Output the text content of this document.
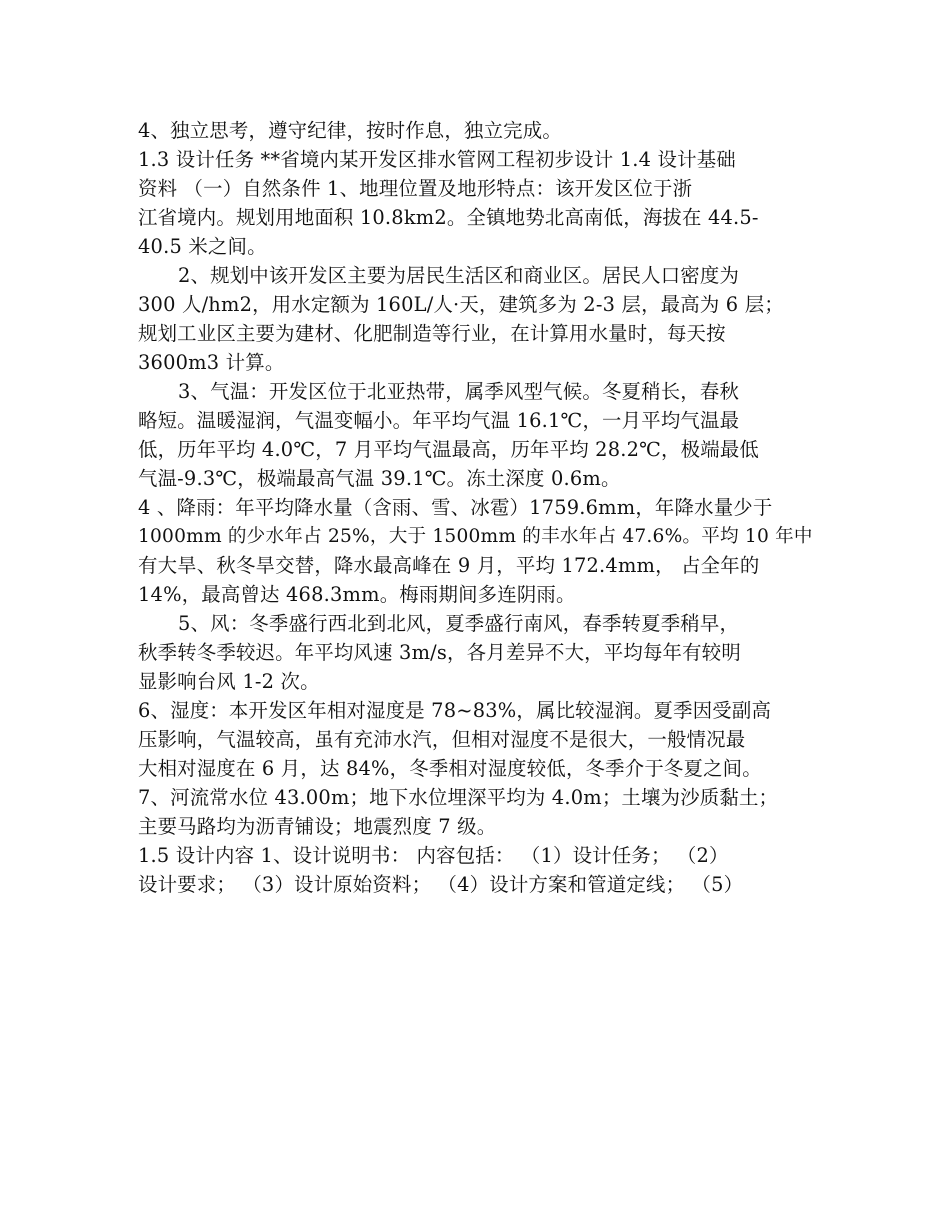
4、独立思考，遵守纪律，按时作息，独立完成。
1.3 设计任务 **省境内某开发区排水管网工程初步设计 1.4 设计基础
资料 （一）自然条件 1、地理位置及地形特点：该开发区位于浙
江省境内。规划用地面积 10.8km2。全镇地势北高南低，海拔在 44.5-
40.5 米之间。
2、规划中该开发区主要为居民生活区和商业区。居民人口密度为
300 人/hm2，用水定额为 160L/人·天，建筑多为 2-3 层，最高为 6 层；
规划工业区主要为建材、化肥制造等行业，在计算用水量时，每天按
3600m3 计算。
3、气温：开发区位于北亚热带，属季风型气候。冬夏稍长，春秋
略短。温暖湿润，气温变幅小。年平均气温 16.1℃，一月平均气温最
低，历年平均 4.0℃，7 月平均气温最高，历年平均 28.2℃，极端最低
气温-9.3℃，极端最高气温 39.1℃。冻土深度 0.6m。
4 、降雨：年平均降水量（含雨、雪、冰雹）1759.6mm，年降水量少于
1000mm 的少水年占 25%，大于 1500mm 的丰水年占 47.6%。平均 10 年中
有大旱、秋冬旱交替，降水最高峰在 9 月，平均 172.4mm， 占全年的
14%，最高曾达 468.3mm。梅雨期间多连阴雨。
5、风：冬季盛行西北到北风，夏季盛行南风，春季转夏季稍早，
秋季转冬季较迟。年平均风速 3m/s，各月差异不大，平均每年有较明
显影响台风 1-2 次。
6、湿度：本开发区年相对湿度是 78~83%，属比较湿润。夏季因受副高
压影响，气温较高，虽有充沛水汽，但相对湿度不是很大，一般情况最
大相对湿度在 6 月，达 84%，冬季相对湿度较低，冬季介于冬夏之间。
7、河流常水位 43.00m；地下水位埋深平均为 4.0m；土壤为沙质黏土；
主要马路均为沥青铺设；地震烈度 7 级。
1.5 设计内容 1、设计说明书： 内容包括： （1）设计任务； （2）
设计要求； （3）设计原始资料； （4）设计方案和管道定线； （5）
